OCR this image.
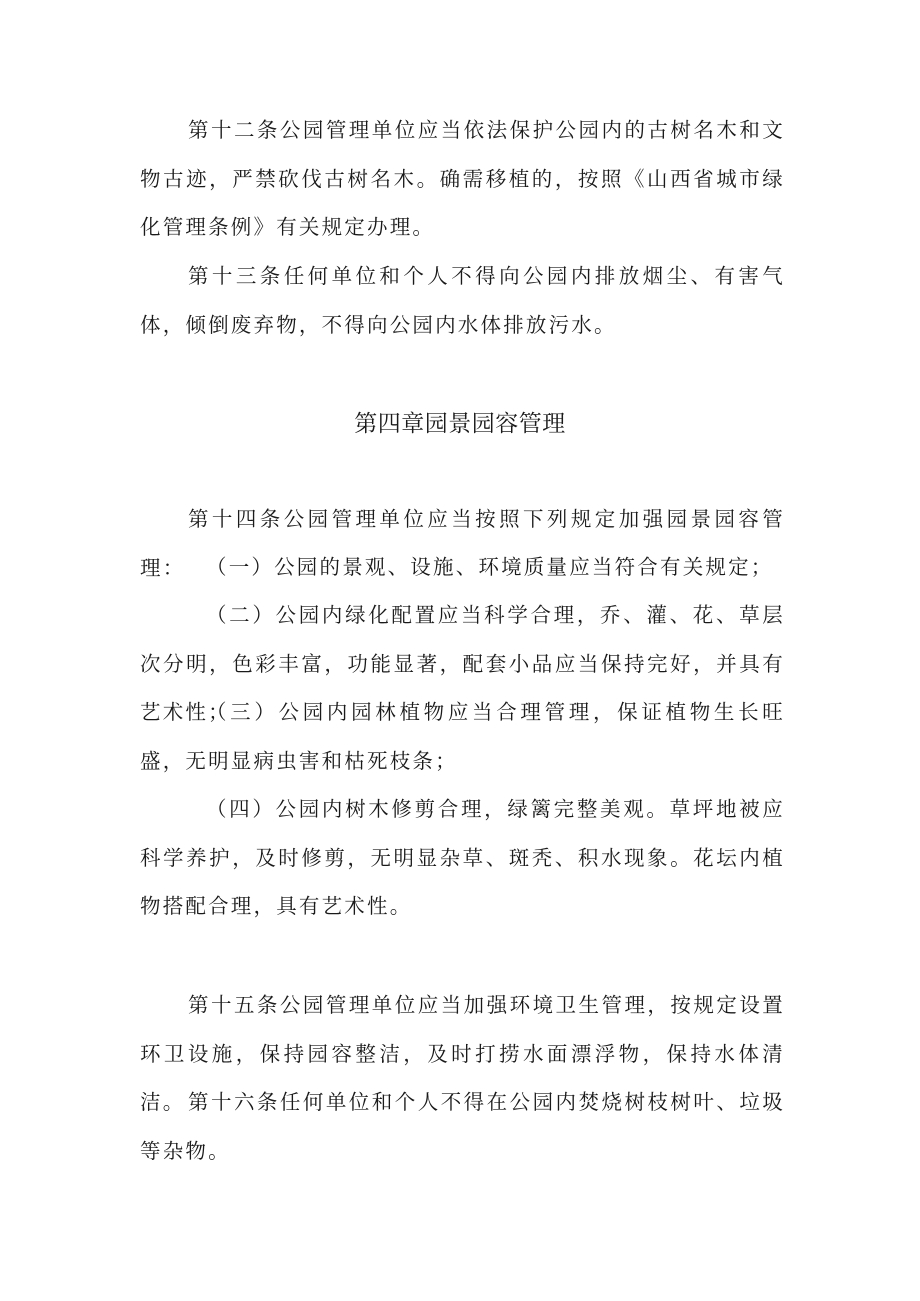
第十二条公园管理单位应当依法保护公园内的古树名木和文物古迹，严禁砍伐古树名木。确需移植的，按照《山西省城市绿化管理条例》有关规定办理。

第十三条任何单位和个人不得向公园内排放烟尘、有害气体，倾倒废弃物，不得向公园内水体排放污水。

第四章园景园容管理

第十四条公园管理单位应当按照下列规定加强园景园容管理：	（一）公园的景观、设施、环境质量应当符合有关规定；

（二）公园内绿化配置应当科学合理，乔、灌、花、草层次分明，色彩丰富，功能显著，配套小品应当保持完好，并具有艺术性；

（三）公园内园林植物应当合理管理，保证植物生长旺盛，无明显病虫害和枯死枝条；

（四）公园内树木修剪合理，绿篱完整美观。草坪地被应科学养护，及时修剪，无明显杂草、斑秃、积水现象。花坛内植物搭配合理，具有艺术性。

第十五条公园管理单位应当加强环境卫生管理，按规定设置环卫设施，保持园容整洁，及时打捞水面漂浮物，保持水体清洁。 第十六条任何单位和个人不得在公园内焚烧树枝树叶、垃圾等杂物。
